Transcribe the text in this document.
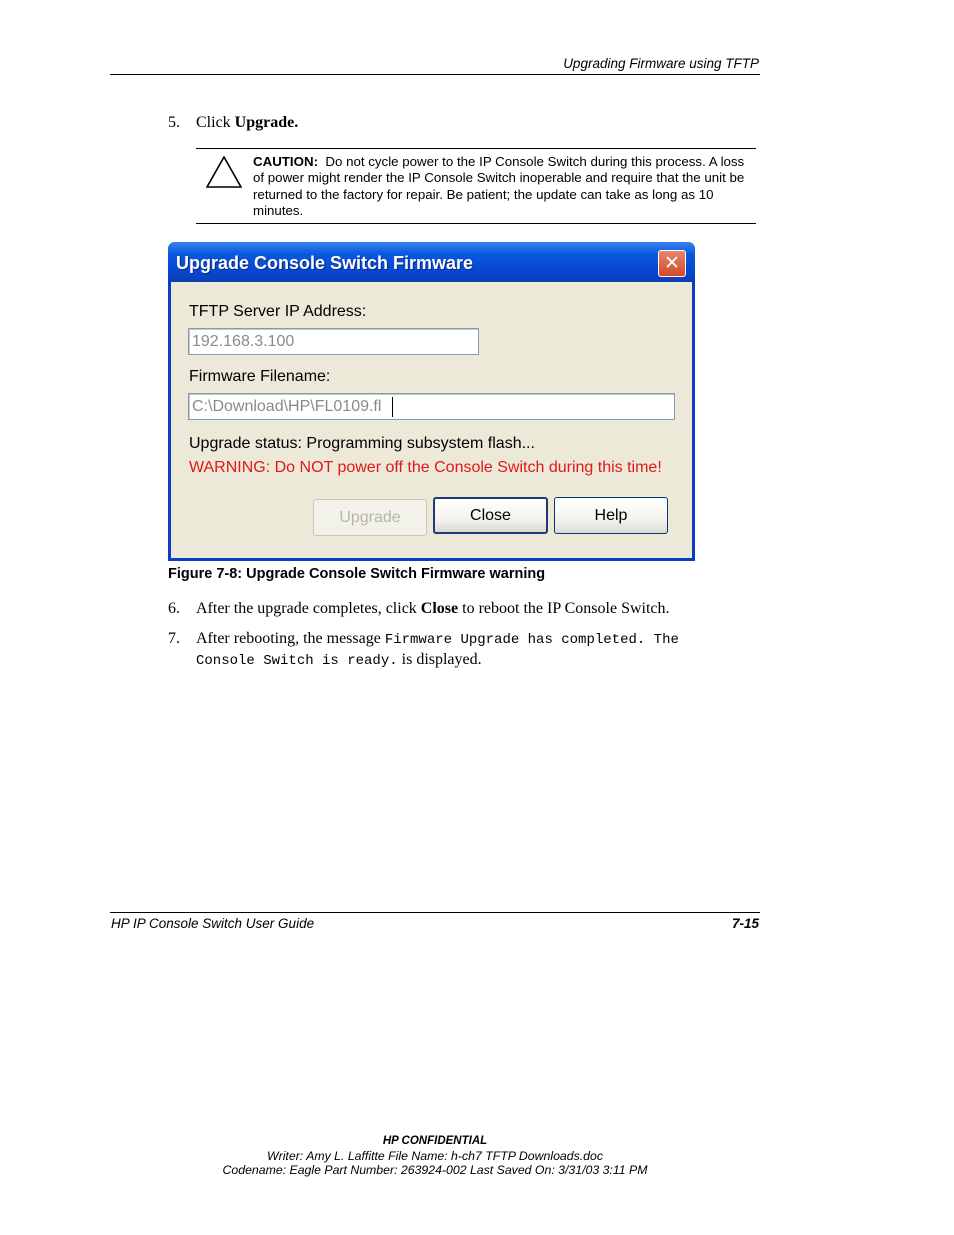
Upgrading Firmware using TFTP
5. Click Upgrade.
CAUTION: Do not cycle power to the IP Console Switch during this process. A loss of power might render the IP Console Switch inoperable and require that the unit be returned to the factory for repair. Be patient; the update can take as long as 10 minutes.
Upgrade Console Switch Firmware	✕
TFTP Server IP Address:
192.168.3.100
Firmware Filename:
C:\Download\HP\FL0109.fl
Upgrade status: Programming subsystem flash...
WARNING: Do NOT power off the Console Switch during this time!
Upgrade	Close	Help
Figure 7-8: Upgrade Console Switch Firmware warning
6. After the upgrade completes, click Close to reboot the IP Console Switch.
7. After rebooting, the message Firmware Upgrade has completed. The
Console Switch is ready. is displayed.
HP IP Console Switch User Guide	7-15
HP CONFIDENTIAL
Writer: Amy L. Laffitte File Name: h-ch7 TFTP Downloads.doc
Codename: Eagle Part Number: 263924-002 Last Saved On: 3/31/03 3:11 PM
